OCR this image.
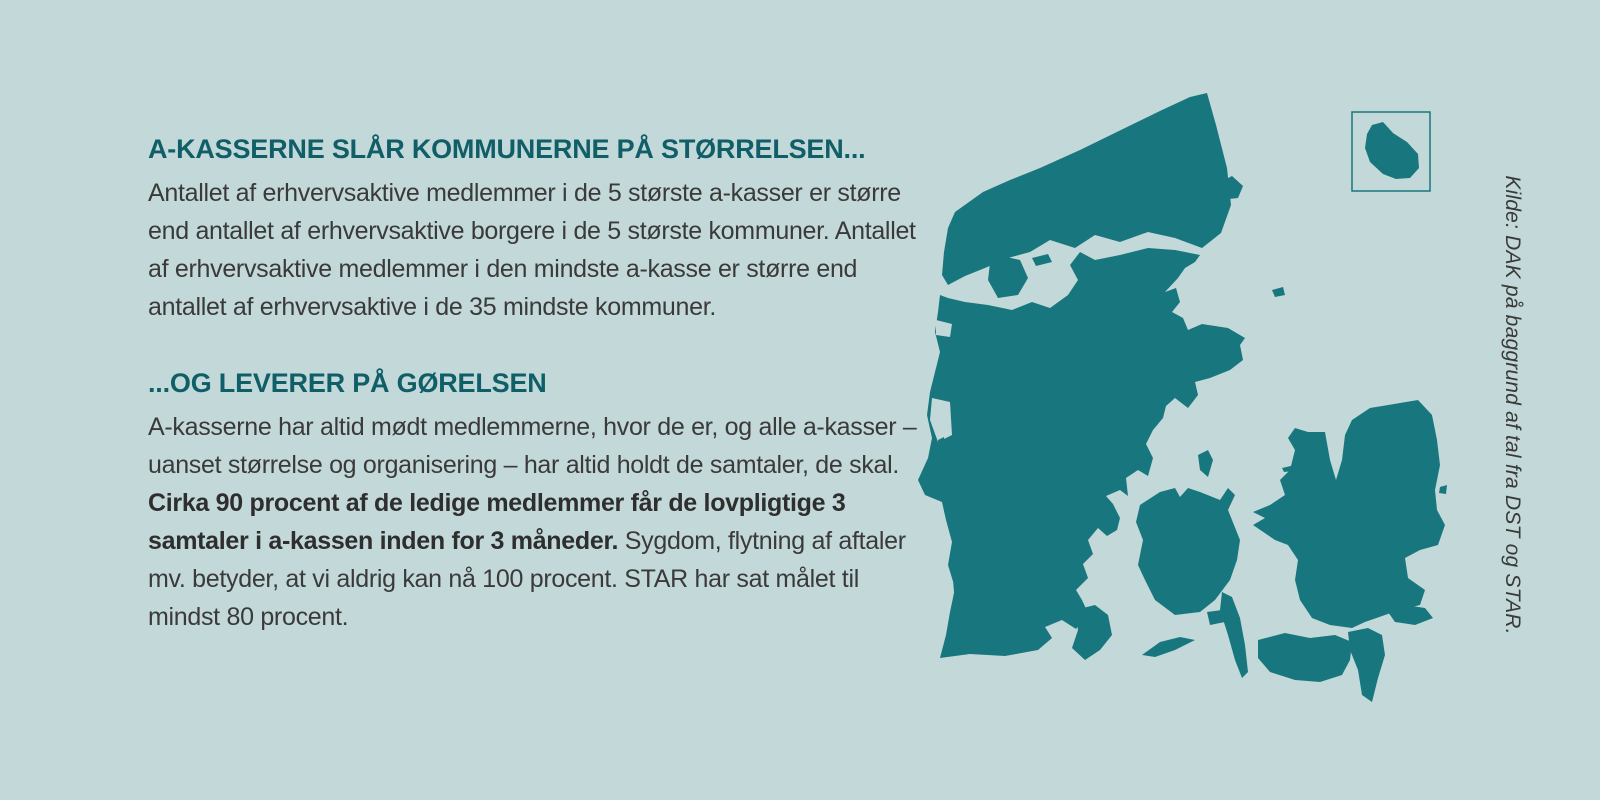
A-KASSERNE SLÅR KOMMUNERNE PÅ STØRRELSEN...
Antallet af erhvervsaktive medlemmer i de 5 største a-kasser er større end antallet af erhvervsaktive borgere i de 5 største kommuner. Antallet af erhvervsaktive medlemmer i den mindste a-kasse er større end antallet af erhvervsaktive i de 35 mindste kommuner.
...OG LEVERER PÅ GØRELSEN
A-kasserne har altid mødt medlemmerne, hvor de er, og alle a-kasser – uanset størrelse og organisering – har altid holdt de samtaler, de skal. Cirka 90 procent af de ledige medlemmer får de lovpligtige 3 samtaler i a-kassen inden for 3 måneder. Sygdom, flytning af aftaler mv. betyder, at vi aldrig kan nå 100 procent. STAR har sat målet til mindst 80 procent.	Kilde: DAK på baggrund af tal fra DST og STAR.
